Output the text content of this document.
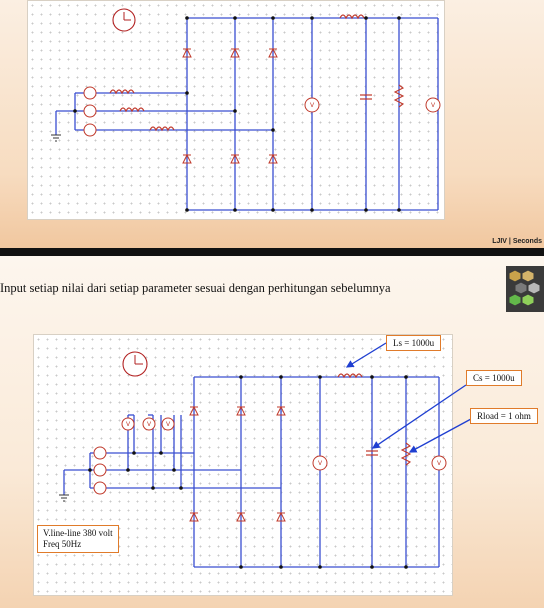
V	V
LJIV | Seconds
Input setiap nilai dari setiap parameter sesuai dengan perhitungan sebelumnya
V	V V
V	V
Ls = 1000u
Cs = 1000u
Rload = 1 ohm
V.line-line 380 volt
Freq 50Hz
